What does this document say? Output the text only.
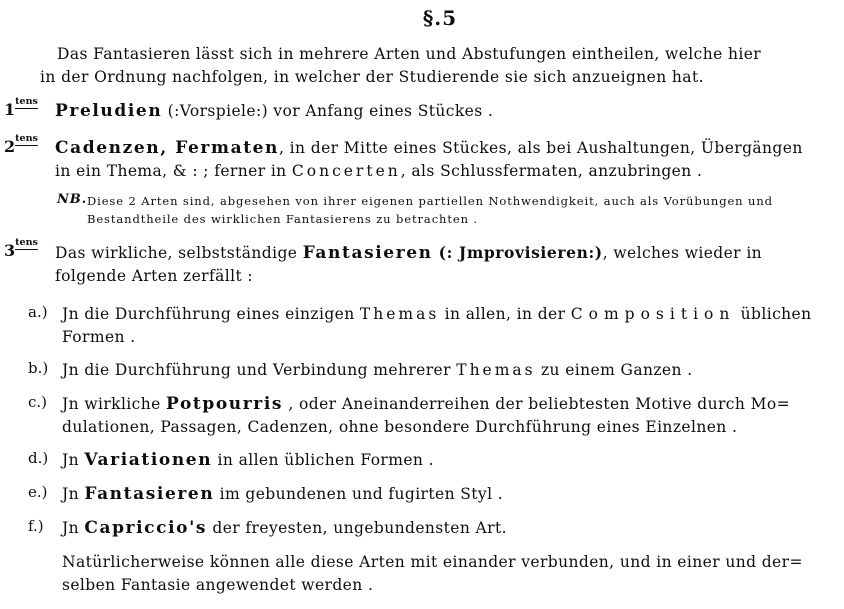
§.5
Das Fantasieren lässt sich in mehrere Arten und Abstufungen eintheilen, welche hier
in der Ordnung nachfolgen, in welcher der Studierende sie sich anzueignen hat.
$1^{tens}$ Preludien (:Vorspiele:) vor Anfang eines Stückes .
$2^{tens}$ Cadenzen, Fermaten, in der Mitte eines Stückes, als bei Aushaltungen, Übergängen
in ein Thema, & : ; ferner in Concerten, als Schlussfermaten, anzubringen .
NB. Diese 2 Arten sind, abgesehen von ihrer eigenen partiellen Nothwendigkeit, auch als Vorübungen und
Bestandtheile des wirklichen Fantasierens zu betrachten .
$3^{tens}$
Das wirkliche, selbstständige Fantasieren (: Jmprovisieren:), welches wieder in
folgende Arten zerfällt :
a.) Jn die Durchführung eines einzigen Themas in allen, in der Composition üblichen
Formen .
b.) Jn die Durchführung und Verbindung mehrerer Themas zu einem Ganzen .
c.) Jn wirkliche Potpourris , oder Aneinanderreihen der beliebtesten Motive durch Mo=
dulationen, Passagen, Cadenzen, ohne besondere Durchführung eines Einzelnen .
d.) Jn Variationen in allen üblichen Formen .
e.) Jn Fantasieren im gebundenen und fugirten Styl .
f.) Jn Capriccio's der freyesten, ungebundensten Art.
Natürlicherweise können alle diese Arten mit einander verbunden, und in einer und der=
selben Fantasie angewendet werden .
